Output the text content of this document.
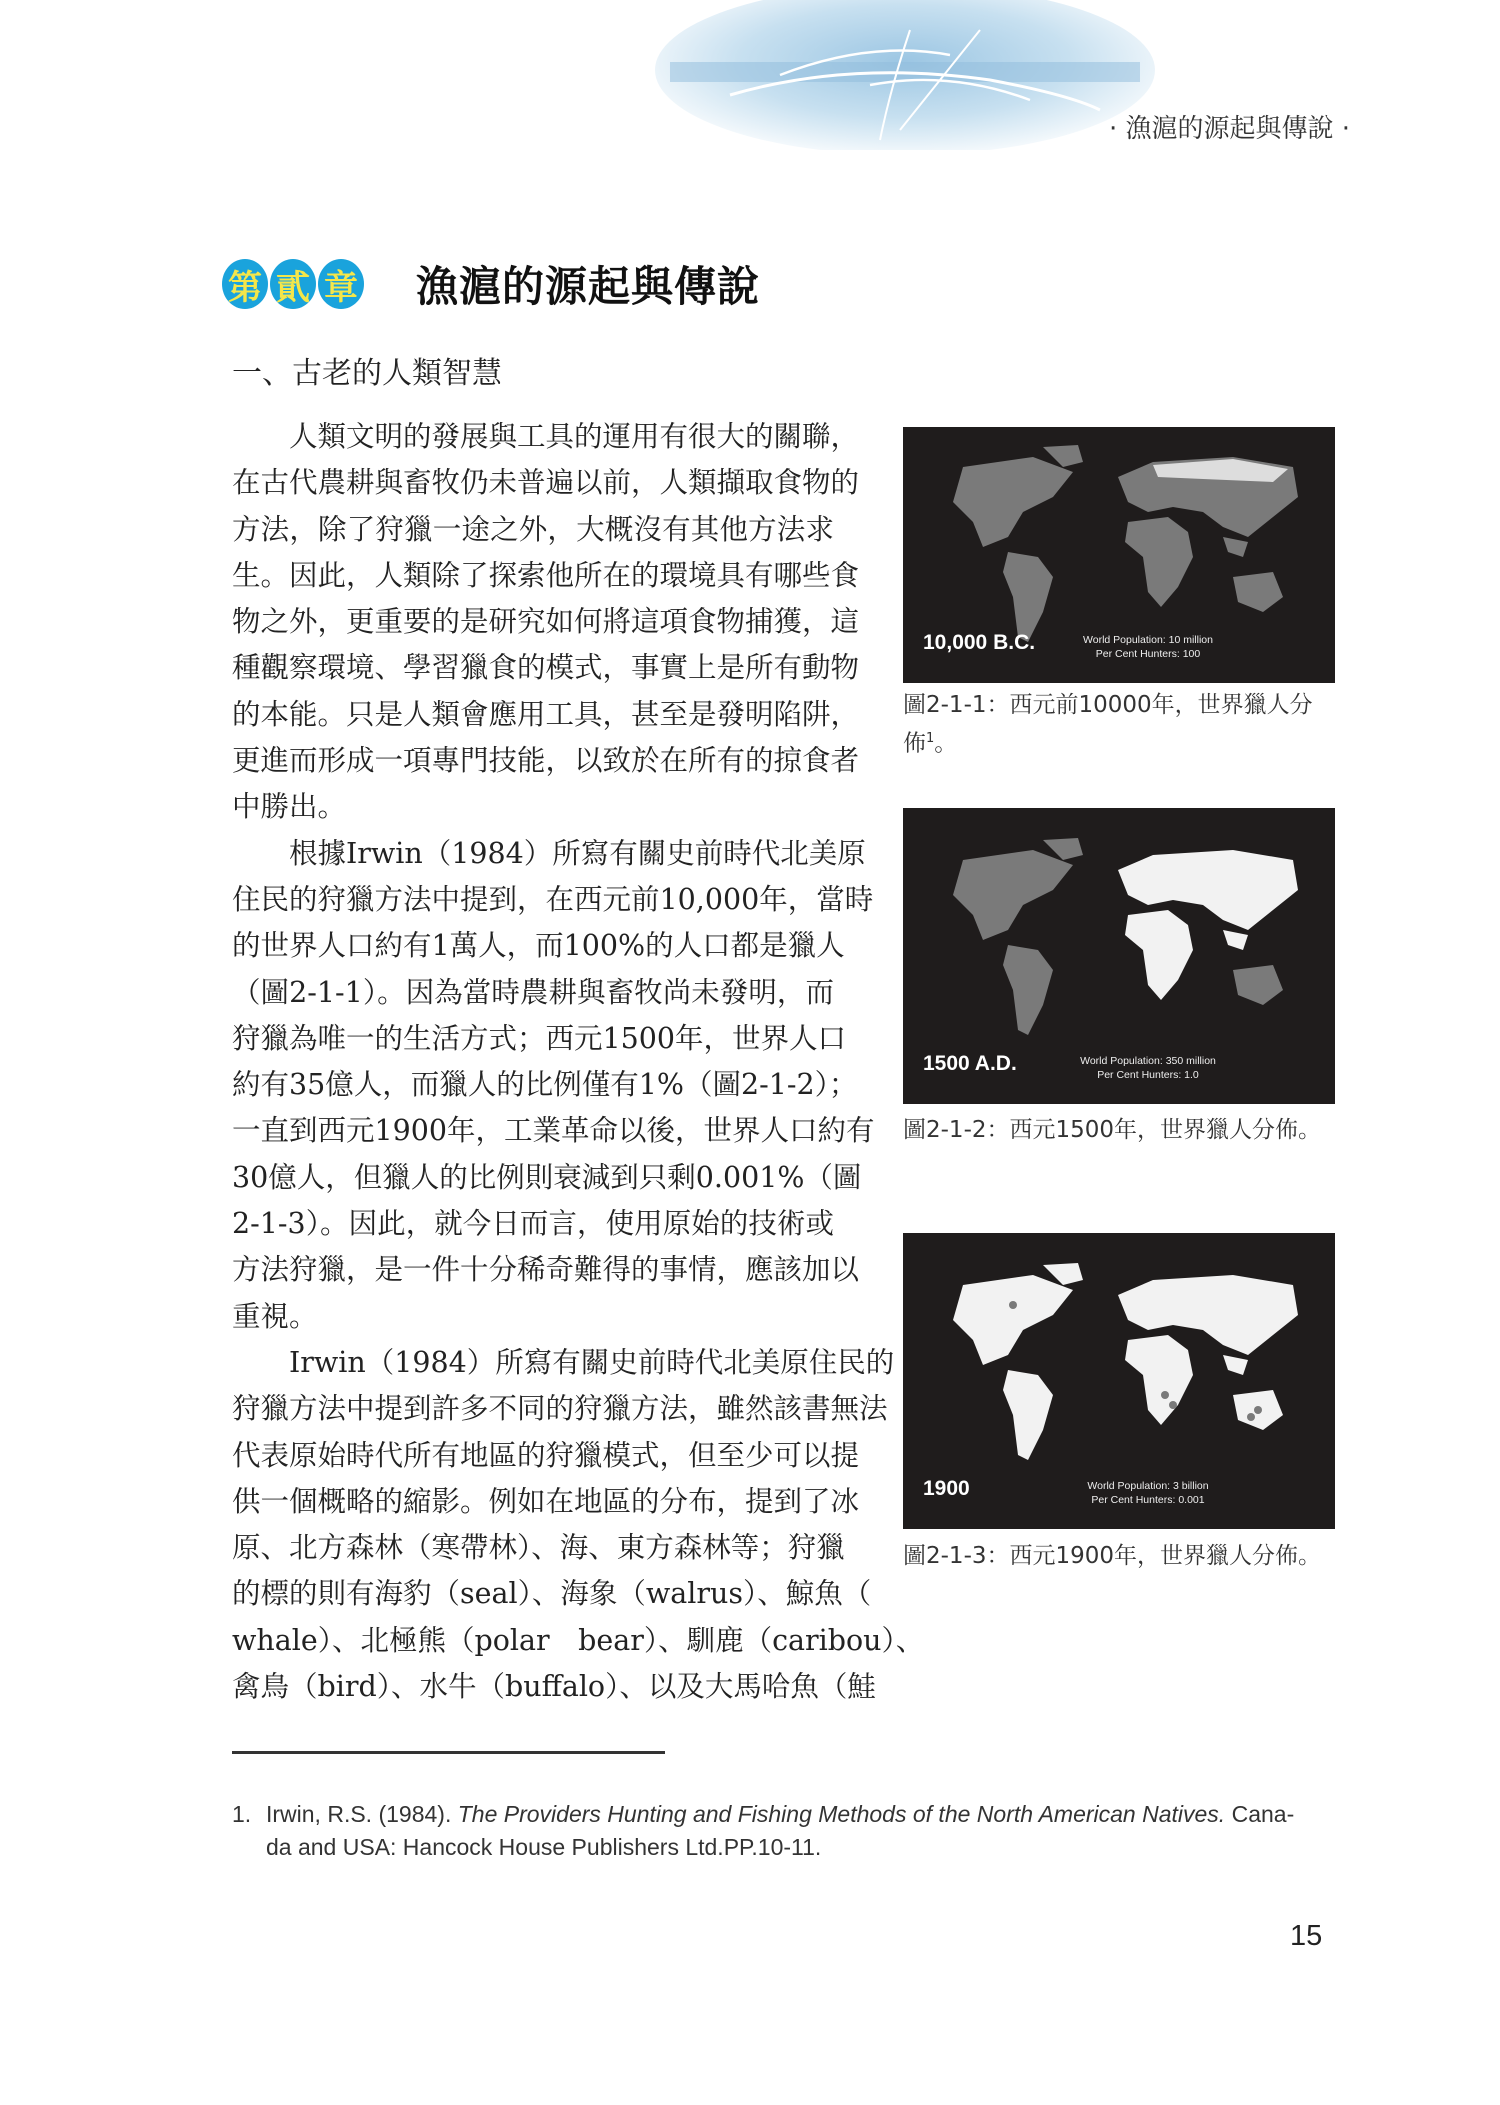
· 漁滬的源起與傳說 ·
第 貳 章 漁滬的源起與傳說
一、古老的人類智慧
人類文明的發展與工具的運用有很大的關聯，
在古代農耕與畜牧仍未普遍以前，人類擷取食物的
方法，除了狩獵一途之外，大概沒有其他方法求
生。因此，人類除了探索他所在的環境具有哪些食
物之外，更重要的是研究如何將這項食物捕獲，這
種觀察環境、學習獵食的模式，事實上是所有動物
的本能。只是人類會應用工具，甚至是發明陷阱，
更進而形成一項專門技能，以致於在所有的掠食者
中勝出。
根據Irwin（1984）所寫有關史前時代北美原
住民的狩獵方法中提到，在西元前10,000年，當時
的世界人口約有1萬人，而100%的人口都是獵人
（圖2-1-1）。因為當時農耕與畜牧尚未發明，而
狩獵為唯一的生活方式；西元1500年，世界人口
約有35億人，而獵人的比例僅有1%（圖2-1-2）；
一直到西元1900年，工業革命以後，世界人口約有
30億人，但獵人的比例則衰減到只剩0.001%（圖
2-1-3）。因此，就今日而言，使用原始的技術或
方法狩獵，是一件十分稀奇難得的事情，應該加以
重視。
Irwin（1984）所寫有關史前時代北美原住民的
狩獵方法中提到許多不同的狩獵方法，雖然該書無法
代表原始時代所有地區的狩獵模式，但至少可以提
供一個概略的縮影。例如在地區的分布，提到了冰
原、北方森林（寒帶林）、海、東方森林等；狩獵
的標的則有海豹（seal）、海象（walrus）、鯨魚（
whale）、北極熊（polar　bear）、馴鹿（caribou）、
禽鳥（bird）、水牛（buffalo）、以及大馬哈魚（鮭
10,000 B.C.	World Population: 10 million
Per Cent Hunters: 100
圖2-1-1：西元前10000年，世界獵人分
佈$^1$。
1500 A.D.	World Population: 350 million
Per Cent Hunters: 1.0
圖2-1-2：西元1500年，世界獵人分佈。
1900	World Population: 3 billion
Per Cent Hunters: 0.001
圖2-1-3：西元1900年，世界獵人分佈。
1. Irwin, R.S. (1984). The Providers Hunting and Fishing Methods of the North American Natives. Cana-
da and USA: Hancock House Publishers Ltd.PP.10-11.
15
